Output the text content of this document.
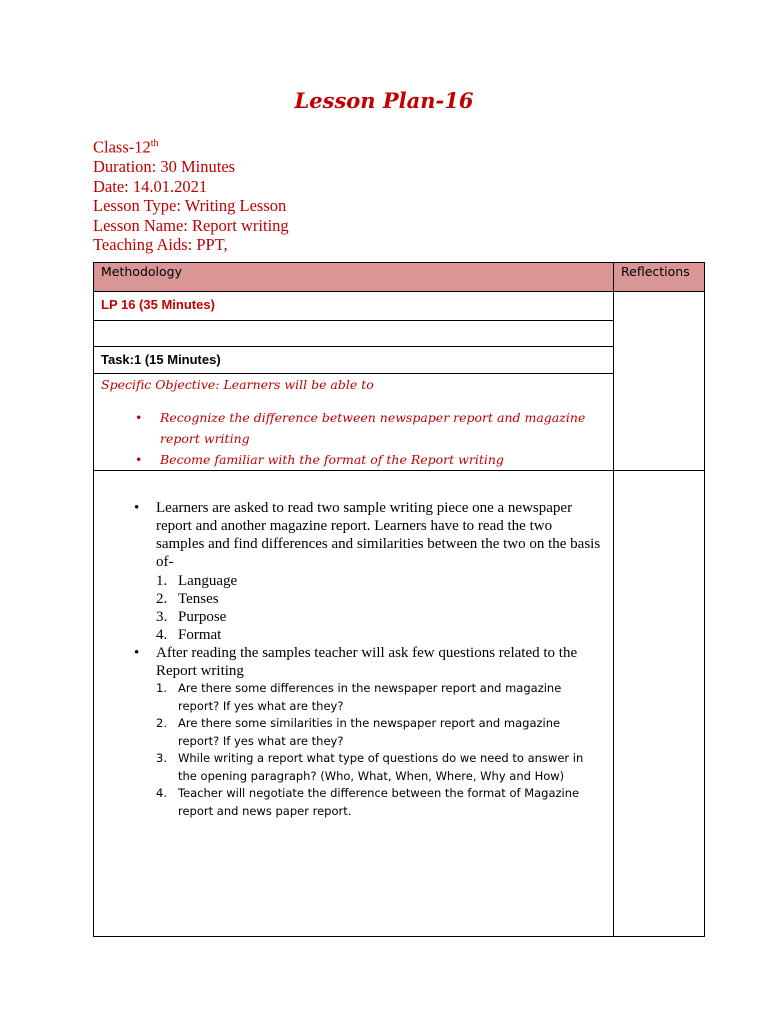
Lesson Plan-16
Class-12th
Duration: 30 Minutes
Date: 14.01.2021
Lesson Type: Writing Lesson
Lesson Name: Report writing
Teaching Aids: PPT,
Methodology	Reflections
LP 16 (35 Minutes)
Task:1 (15 Minutes)
Specific Objective: Learners will be able to
• Recognize the difference between newspaper report and magazine report writing
• Become familiar with the format of the Report writing
• Learners are asked to read two sample writing piece one a newspaper report and another magazine report. Learners have to read the two samples and find differences and similarities between the two on the basis of-
1. Language
2. Tenses
3. Purpose
4. Format
• After reading the samples teacher will ask few questions related to the Report writing
1. Are there some differences in the newspaper report and magazine report? If yes what are they?
2. Are there some similarities in the newspaper report and magazine report? If yes what are they?
3. While writing a report what type of questions do we need to answer in the opening paragraph? (Who, What, When, Where, Why and How)
4. Teacher will negotiate the difference between the format of Magazine report and news paper report.
